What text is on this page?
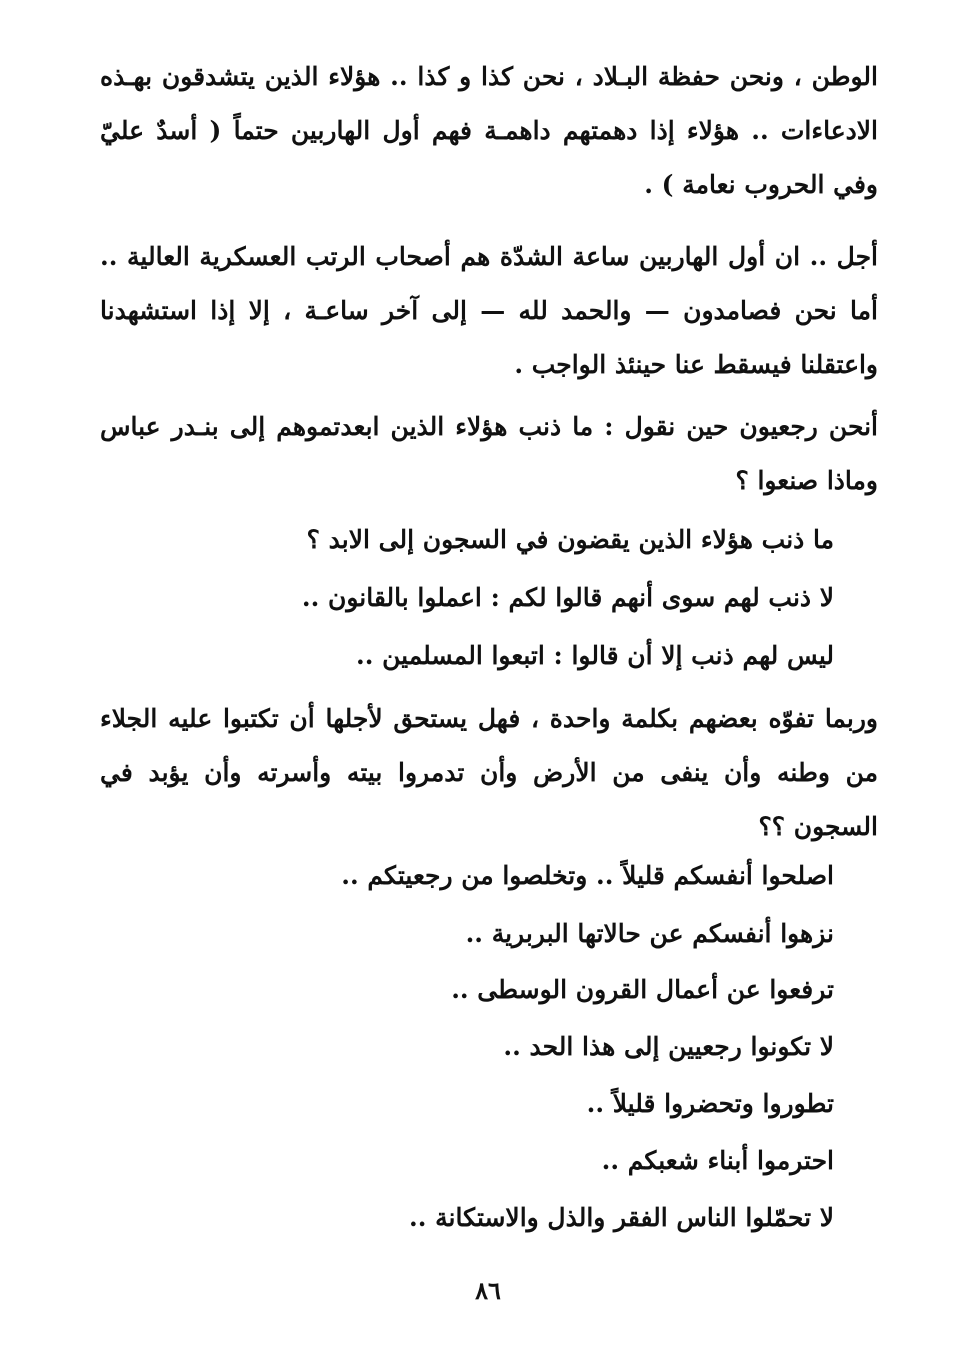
الوطن ، ونحن حفظة البـلاد ، نحن كذا و كذا .. هؤلاء الذين يتشدقون بهـذه الادعاءات .. هؤلاء إذا دهمتهم داهمـة فهم أول الهاربين حتماً ( أسدٌ عليّ وفي الحروب نعامة ) .
أجل .. ان أول الهاربين ساعة الشدّة هم أصحاب الرتب العسكرية العالية .. أما نحن فصامدون — والحمد لله — إلى آخر ساعـة ، إلا إذا استشهدنا واعتقلنا فيسقط عنا حينئذ الواجب .
أنحن رجعيون حين نقول : ما ذنب هؤلاء الذين ابعدتموهم إلى بنـدر عباس وماذا صنعوا ؟
ما ذنب هؤلاء الذين يقضون في السجون إلى الابد ؟
لا ذنب لهم سوى أنهم قالوا لكم : اعملوا بالقانون ..
ليس لهم ذنب إلا أن قالوا : اتبعوا المسلمين ..
وربما تفوّه بعضهم بكلمة واحدة ، فهل يستحق لأجلها أن تكتبوا عليه الجلاء من وطنه وأن ينفى من الأرض وأن تدمروا بيته وأسرته وأن يؤبد في السجون ؟؟
اصلحوا أنفسكم قليلاً .. وتخلصوا من رجعيتكم ..
نزهوا أنفسكم عن حالاتها البربرية ..
ترفعوا عن أعمال القرون الوسطى ..
لا تكونوا رجعيين إلى هذا الحد ..
تطوروا وتحضروا قليلاً ..
احترموا أبناء شعبكم ..
لا تحمّلوا الناس الفقر والذل والاستكانة ..
٨٦
